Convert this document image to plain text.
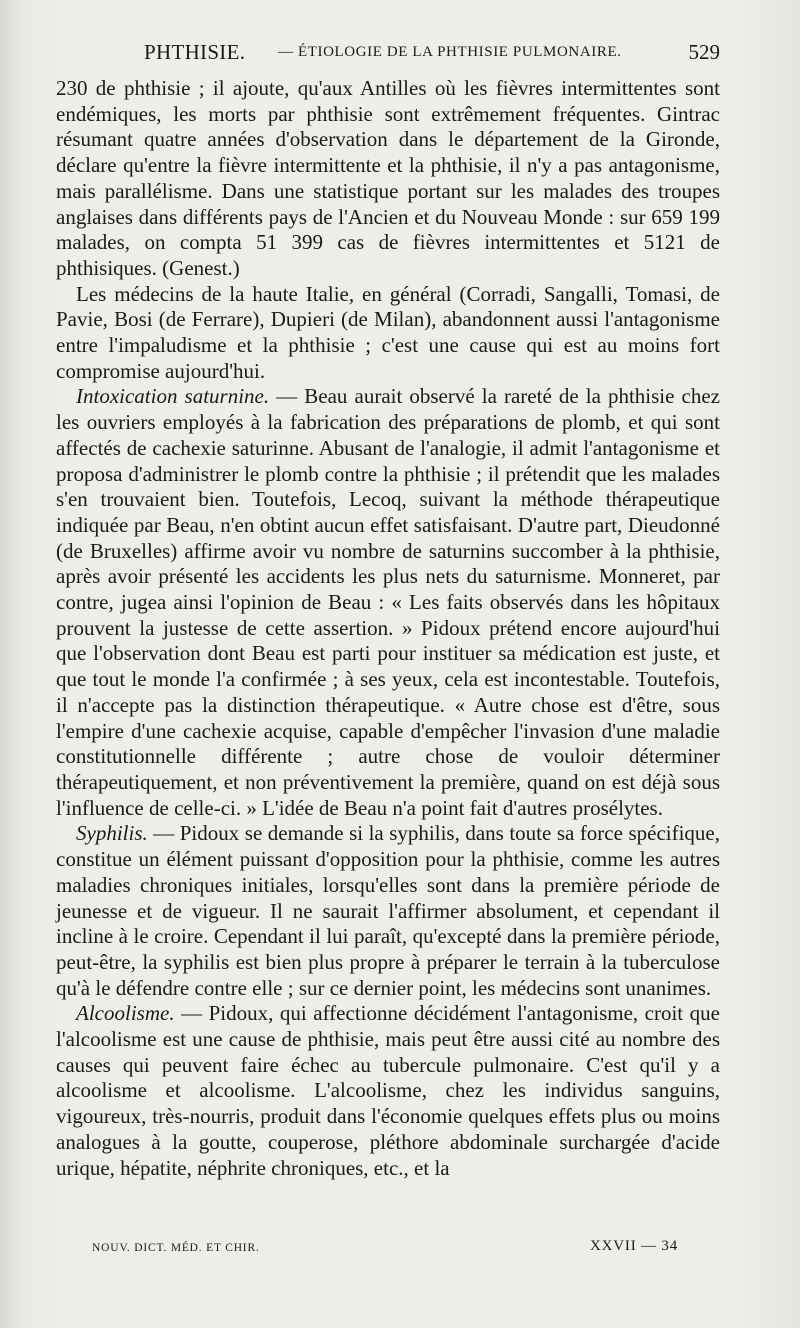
PHTHISIE. — ÉTIOLOGIE DE LA PHTHISIE PULMONAIRE.	529

230 de phthisie ; il ajoute, qu'aux Antilles où les fièvres intermittentes sont endémiques, les morts par phthisie sont extrêmement fréquentes. Gintrac résumant quatre années d'observation dans le département de la Gironde, déclare qu'entre la fièvre intermittente et la phthisie, il n'y a pas antagonisme, mais parallélisme. Dans une statistique portant sur les malades des troupes anglaises dans différents pays de l'Ancien et du Nouveau Monde : sur 659 199 malades, on compta 51 399 cas de fièvres intermittentes et 5121 de phthisiques. (Genest.)

Les médecins de la haute Italie, en général (Corradi, Sangalli, Tomasi, de Pavie, Bosi (de Ferrare), Dupieri (de Milan), abandonnent aussi l'antagonisme entre l'impaludisme et la phthisie ; c'est une cause qui est au moins fort compromise aujourd'hui.

Intoxication saturnine. — Beau aurait observé la rareté de la phthisie chez les ouvriers employés à la fabrication des préparations de plomb, et qui sont affectés de cachexie saturinne. Abusant de l'analogie, il admit l'antagonisme et proposa d'administrer le plomb contre la phthisie ; il prétendit que les malades s'en trouvaient bien. Toutefois, Lecoq, suivant la méthode thérapeutique indiquée par Beau, n'en obtint aucun effet satisfaisant. D'autre part, Dieudonné (de Bruxelles) affirme avoir vu nombre de saturnins succomber à la phthisie, après avoir présenté les accidents les plus nets du saturnisme. Monneret, par contre, jugea ainsi l'opinion de Beau : « Les faits observés dans les hôpitaux prouvent la justesse de cette assertion. » Pidoux prétend encore aujourd'hui que l'observation dont Beau est parti pour instituer sa médication est juste, et que tout le monde l'a confirmée ; à ses yeux, cela est incontestable. Toutefois, il n'accepte pas la distinction thérapeutique. « Autre chose est d'être, sous l'empire d'une cachexie acquise, capable d'empêcher l'invasion d'une maladie constitutionnelle différente ; autre chose de vouloir déterminer thérapeutiquement, et non préventivement la première, quand on est déjà sous l'influence de celle-ci. » L'idée de Beau n'a point fait d'autres prosélytes.

Syphilis. — Pidoux se demande si la syphilis, dans toute sa force spécifique, constitue un élément puissant d'opposition pour la phthisie, comme les autres maladies chroniques initiales, lorsqu'elles sont dans la première période de jeunesse et de vigueur. Il ne saurait l'affirmer absolument, et cependant il incline à le croire. Cependant il lui paraît, qu'excepté dans la première période, peut-être, la syphilis est bien plus propre à préparer le terrain à la tuberculose qu'à le défendre contre elle ; sur ce dernier point, les médecins sont unanimes.

Alcoolisme. — Pidoux, qui affectionne décidément l'antagonisme, croit que l'alcoolisme est une cause de phthisie, mais peut être aussi cité au nombre des causes qui peuvent faire échec au tubercule pulmonaire. C'est qu'il y a alcoolisme et alcoolisme. L'alcoolisme, chez les individus sanguins, vigoureux, très-nourris, produit dans l'économie quelques effets plus ou moins analogues à la goutte, couperose, pléthore abdominale surchargée d'acide urique, hépatite, néphrite chroniques, etc., et la

NOUV. DICT. MÉD. ET CHIR.	XXVII — 34
